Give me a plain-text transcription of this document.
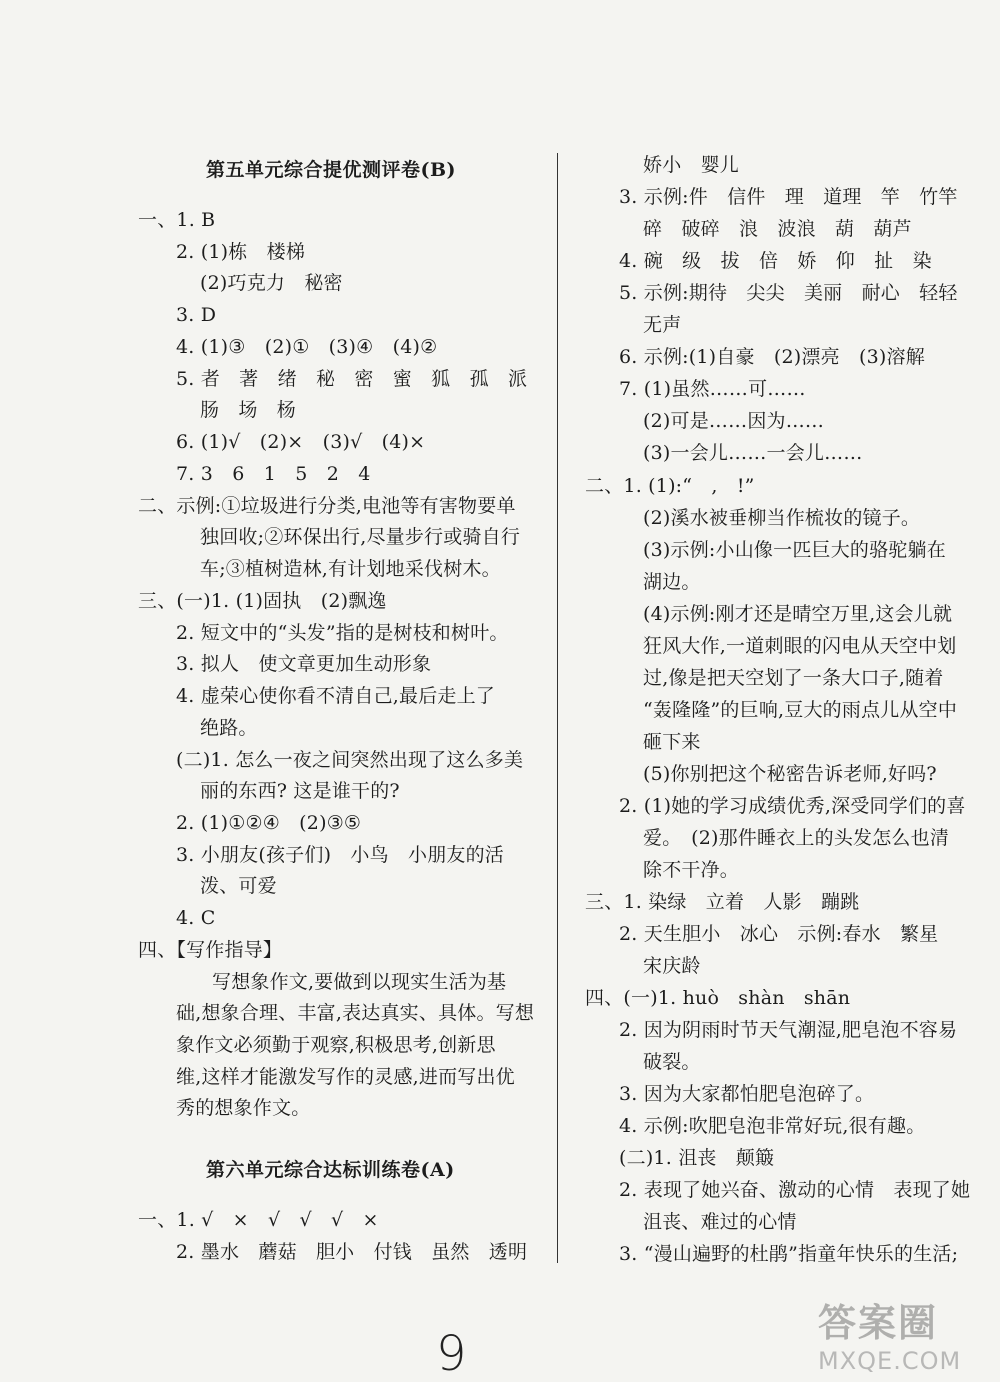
第五单元综合提优测评卷(B)
一、1. B
2. (1)栋　楼梯
(2)巧克力　秘密
3. D
4. (1)③　(2)①　(3)④　(4)②
5. 者　著　绪　秘　密　蜜　狐　孤　派
肠　场　杨
6. (1)√　(2)×　(3)√　(4)×
7. 3　6　1　5　2　4
二、示例:①垃圾进行分类,电池等有害物要单
独回收;②环保出行,尽量步行或骑自行
车;③植树造林,有计划地采伐树木。
三、(一)1. (1)固执　(2)飘逸
2. 短文中的“头发”指的是树枝和树叶。
3. 拟人　使文章更加生动形象
4. 虚荣心使你看不清自己,最后走上了
绝路。
(二)1. 怎么一夜之间突然出现了这么多美
丽的东西? 这是谁干的?
2. (1)①②④　(2)③⑤
3. 小朋友(孩子们)　小鸟　小朋友的活
泼、可爱
4. C
四、【写作指导】
写想象作文,要做到以现实生活为基
础,想象合理、丰富,表达真实、具体。写想
象作文必须勤于观察,积极思考,创新思
维,这样才能激发写作的灵感,进而写出优
秀的想象作文。
第六单元综合达标训练卷(A)
一、1. √　×　√　√　√　×
2. 墨水　蘑菇　胆小　付钱　虽然　透明
娇小　婴儿
3. 示例:件　信件　理　道理　竿　竹竿
碎　破碎　浪　波浪　葫　葫芦
4. 碗　级　拔　倍　娇　仰　扯　染
5. 示例:期待　尖尖　美丽　耐心　轻轻
无声
6. 示例:(1)自豪　(2)漂亮　(3)溶解
7. (1)虽然……可……
(2)可是……因为……
(3)一会儿……一会儿……
二、1. (1):“　,　!”
(2)溪水被垂柳当作梳妆的镜子。
(3)示例:小山像一匹巨大的骆驼躺在
湖边。
(4)示例:刚才还是晴空万里,这会儿就
狂风大作,一道刺眼的闪电从天空中划
过,像是把天空划了一条大口子,随着
“轰隆隆”的巨响,豆大的雨点儿从空中
砸下来
(5)你别把这个秘密告诉老师,好吗?
2. (1)她的学习成绩优秀,深受同学们的喜
爱。　(2)那件睡衣上的头发怎么也清
除不干净。
三、1. 染绿　立着　人影　蹦跳
2. 天生胆小　冰心　示例:春水　繁星
宋庆龄
四、(一)1. huò　shàn　shān
2. 因为阴雨时节天气潮湿,肥皂泡不容易
破裂。
3. 因为大家都怕肥皂泡碎了。
4. 示例:吹肥皂泡非常好玩,很有趣。
(二)1. 沮丧　颠簸
2. 表现了她兴奋、激动的心情　表现了她
沮丧、难过的心情
3. “漫山遍野的杜鹃”指童年快乐的生活;
9
答案圈
MXQE.COM
